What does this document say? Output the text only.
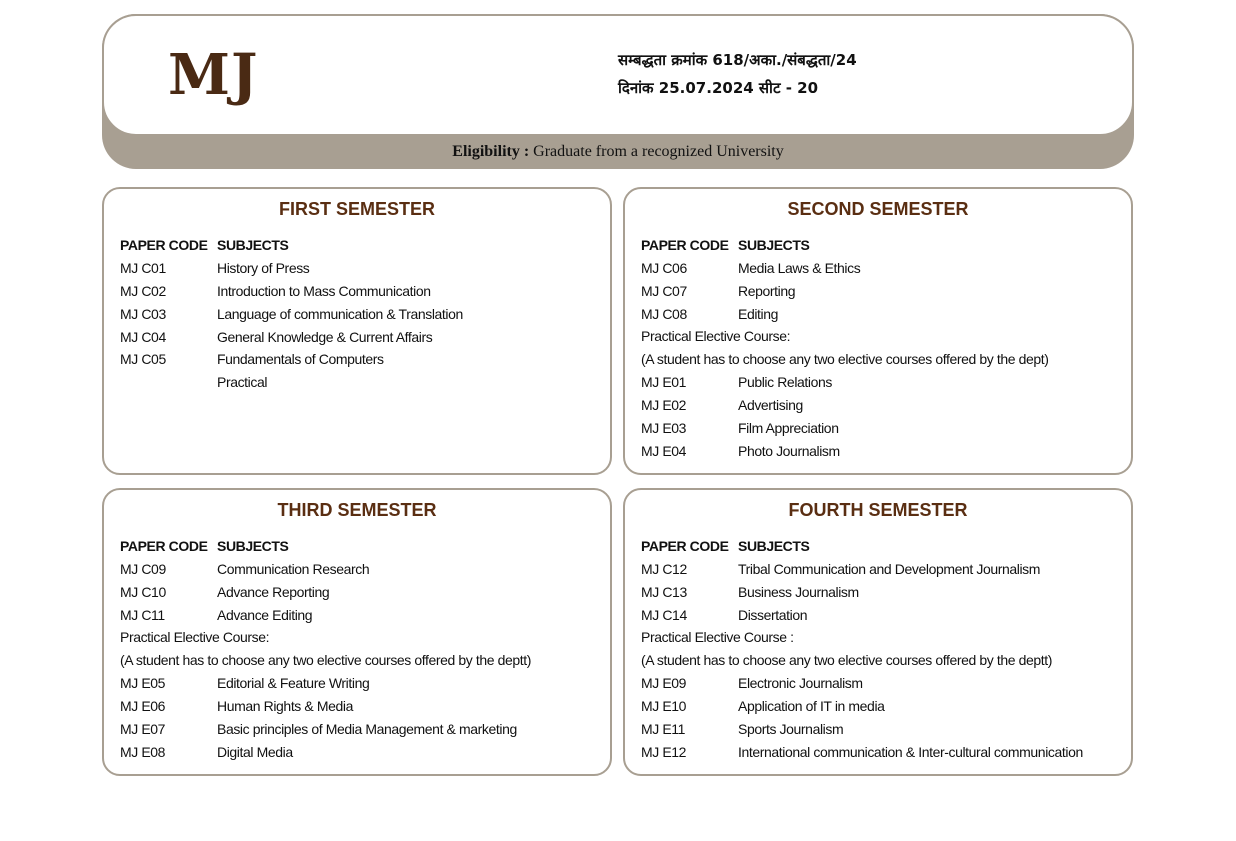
MJ	सम्बद्धता क्रमांक 618/अका./संबद्धता/24
दिनांक 25.07.2024 सीट - 20
Eligibility : Graduate from a recognized University
FIRST SEMESTER
PAPER CODE SUBJECTS
MJ C01	History of Press
MJ C02	Introduction to Mass Communication
MJ C03	Language of communication & Translation
MJ C04	General Knowledge & Current Affairs
MJ C05	Fundamentals of Computers
Practical
SECOND SEMESTER
PAPER CODE SUBJECTS
MJ C06	Media Laws & Ethics
MJ C07	Reporting
MJ C08	Editing
Practical Elective Course:
(A student has to choose any two elective courses offered by the dept)
MJ E01	Public Relations
MJ E02	Advertising
MJ E03	Film Appreciation
MJ E04	Photo Journalism
THIRD SEMESTER
PAPER CODE SUBJECTS
MJ C09	Communication Research
MJ C10	Advance Reporting
MJ C11	Advance Editing
Practical Elective Course:
(A student has to choose any two elective courses offered by the deptt)
MJ E05	Editorial & Feature Writing
MJ E06	Human Rights & Media
MJ E07	Basic principles of Media Management & marketing
MJ E08	Digital Media
FOURTH SEMESTER
PAPER CODE SUBJECTS
MJ C12	Tribal Communication and Development Journalism
MJ C13	Business Journalism
MJ C14	Dissertation
Practical Elective Course :
(A student has to choose any two elective courses offered by the deptt)
MJ E09	Electronic Journalism
MJ E10	Application of IT in media
MJ E11	Sports Journalism
MJ E12	International communication & Inter-cultural communication
